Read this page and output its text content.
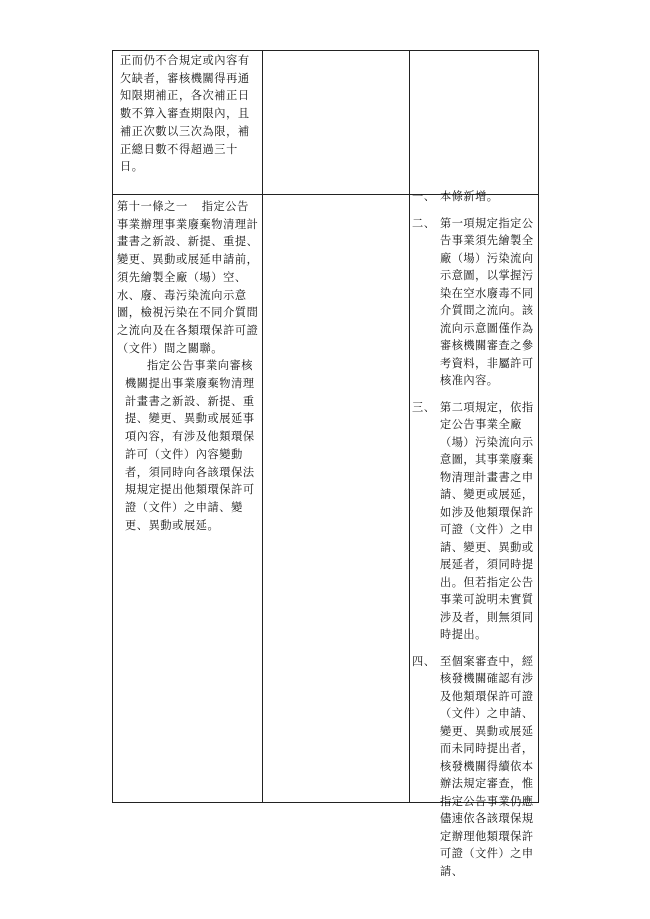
正而仍不合規定或內容有欠缺者，審核機關得再通知限期補正，各次補正日數不算入審查期限內，且補正次數以三次為限，補正總日數不得超過三十日。

第十一條之一 指定公告事業辦理事業廢棄物清理計畫書之新設、新提、重提、變更、異動或展延申請前，須先繪製全廠（場）空、水、廢、毒污染流向示意圖，檢視污染在不同介質間之流向及在各類環保許可證（文件）間之關聯。

指定公告事業向審核機關提出事業廢棄物清理計畫書之新設、新提、重提、變更、異動或展延事項內容，有涉及他類環保許可（文件）內容變動者，須同時向各該環保法規規定提出他類環保許可證（文件）之申請、變更、異動或展延。

一、 本條新增。
二、 第一項規定指定公告事業須先繪製全廠（場）污染流向示意圖，以掌握污染在空水廢毒不同介質間之流向。該流向示意圖僅作為審核機關審查之參考資料，非屬許可核准內容。
三、 第二項規定，依指定公告事業全廠（場）污染流向示意圖，其事業廢棄物清理計畫書之申請、變更或展延，如涉及他類環保許可證（文件）之申請、變更、異動或展延者，須同時提出。但若指定公告事業可說明未實質涉及者，則無須同時提出。
四、 至個案審查中，經核發機關確認有涉及他類環保許可證（文件）之申請、變更、異動或展延而未同時提出者，核發機關得續依本辦法規定審查，惟指定公告事業仍應儘速依各該環保規定辦理他類環保許可證（文件）之申請、
